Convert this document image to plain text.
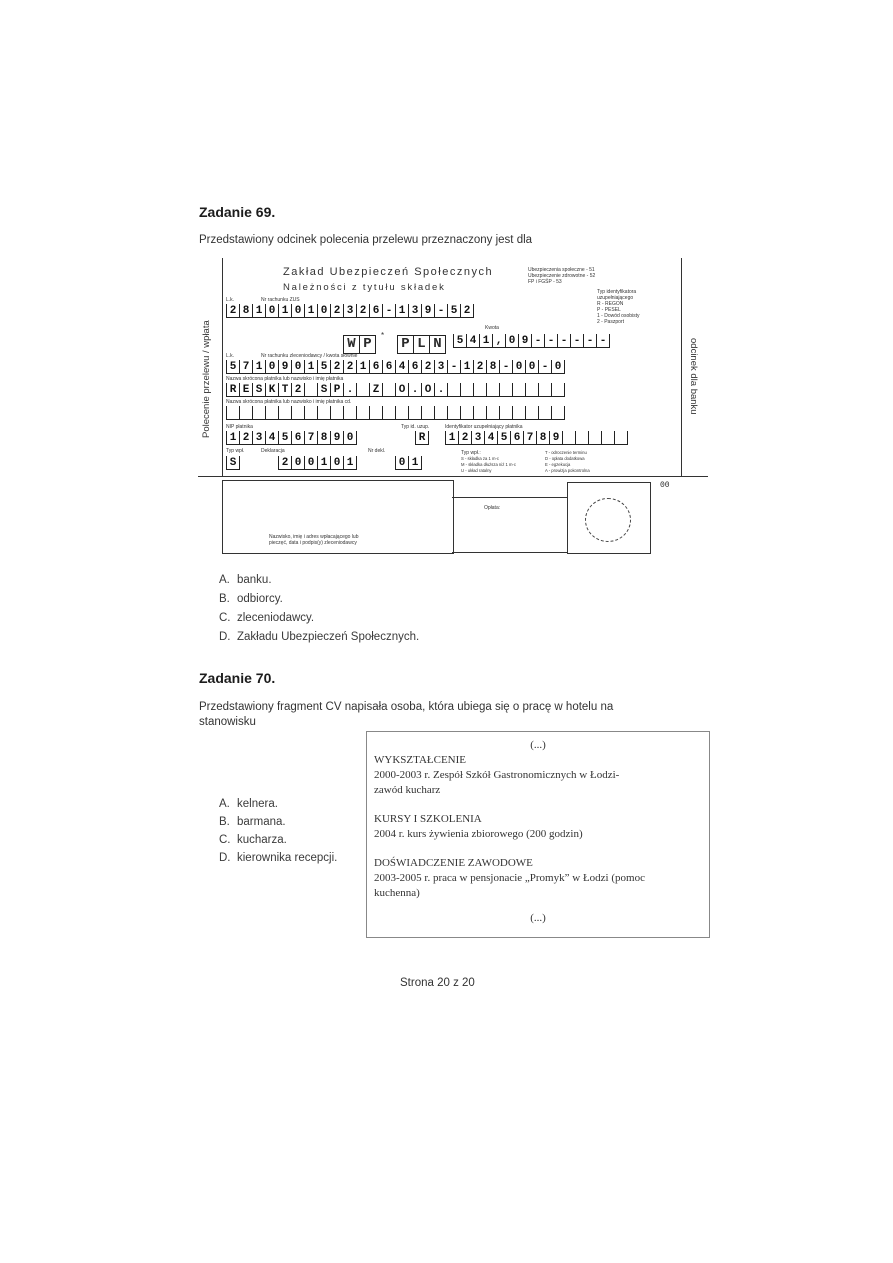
Zadanie 69.
Przedstawiony odcinek polecenia przelewu przeznaczony jest dla
Zakład Ubezpieczeń Społecznych
Należności z tytułu składek
Ubezpieczenia społeczne - 51
Ubezpieczenie zdrowotne - 52
FP i FGŚP - 53
Typ identyfikatora uzupełniającego
R - REGON
P - PESEL
1 - Dowód osobisty
2 - Paszport
L.k.	Nr rachunku ZUS
2 8 1 0 1 0 1 0 2 3 2 6 - 1 3 9 - 5 2
W P
*
P L N
Kwota
5 4 1 , 0 9 - - - - - -
L.k.	Nr rachunku zleceniodawcy / kwota słownie
5 7 1 0 9 0 1 5 2 2 1 6 6 4 6 2 3 - 1 2 8 - 0 0 - 0
Nazwa skrócona płatnika lub nazwisko i imię płatnika
R E S K T 2	S P .	Z	O . O .
Nazwa skrócona płatnika lub nazwisko i imię płatnika cd.
NIP płatnika	Typ id. uzup.	Identyfikator uzupełniający płatnika
1 2 3 4 5 6 7 8 9 0	R	1 2 3 4 5 6 7 8 9
Typ wpł.	Deklaracja	Nr dekl.
S	2 0 0 1 0 1	0 1
Typ wpł.:
S - składka za 1 m-c
M - składka dłuższa niż 1 m-c
U - układ ratalny
T - odroczenie terminu
D - opłata dodatkowa
E - egzekucja
A - prowizja pokontrolna
Polecenie przelewu / wpłata	odcinek dla banku
Nazwisko, imię i adres wpłacającego lub
pieczęć, data i podpis(y) zleceniodawcy
Opłata:
00
A. banku.
B. odbiorcy.
C. zleceniodawcy.
D. Zakładu Ubezpieczeń Społecznych.
Zadanie 70.
Przedstawiony fragment CV napisała osoba, która ubiega się o pracę w hotelu na
stanowisku
A. kelnera.
B. barmana.
C. kucharza.
D. kierownika recepcji.

(...)

WYKSZTAŁCENIE

2000-2003 r. Zespół Szkół Gastronomicznych w Łodzi-

zawód kucharz

KURSY I SZKOLENIA

2004 r. kurs żywienia zbiorowego (200 godzin)

DOŚWIADCZENIE ZAWODOWE

2003-2005 r. praca w pensjonacie „Promyk” w Łodzi (pomoc

kuchenna)

(...)

Strona 20 z 20
